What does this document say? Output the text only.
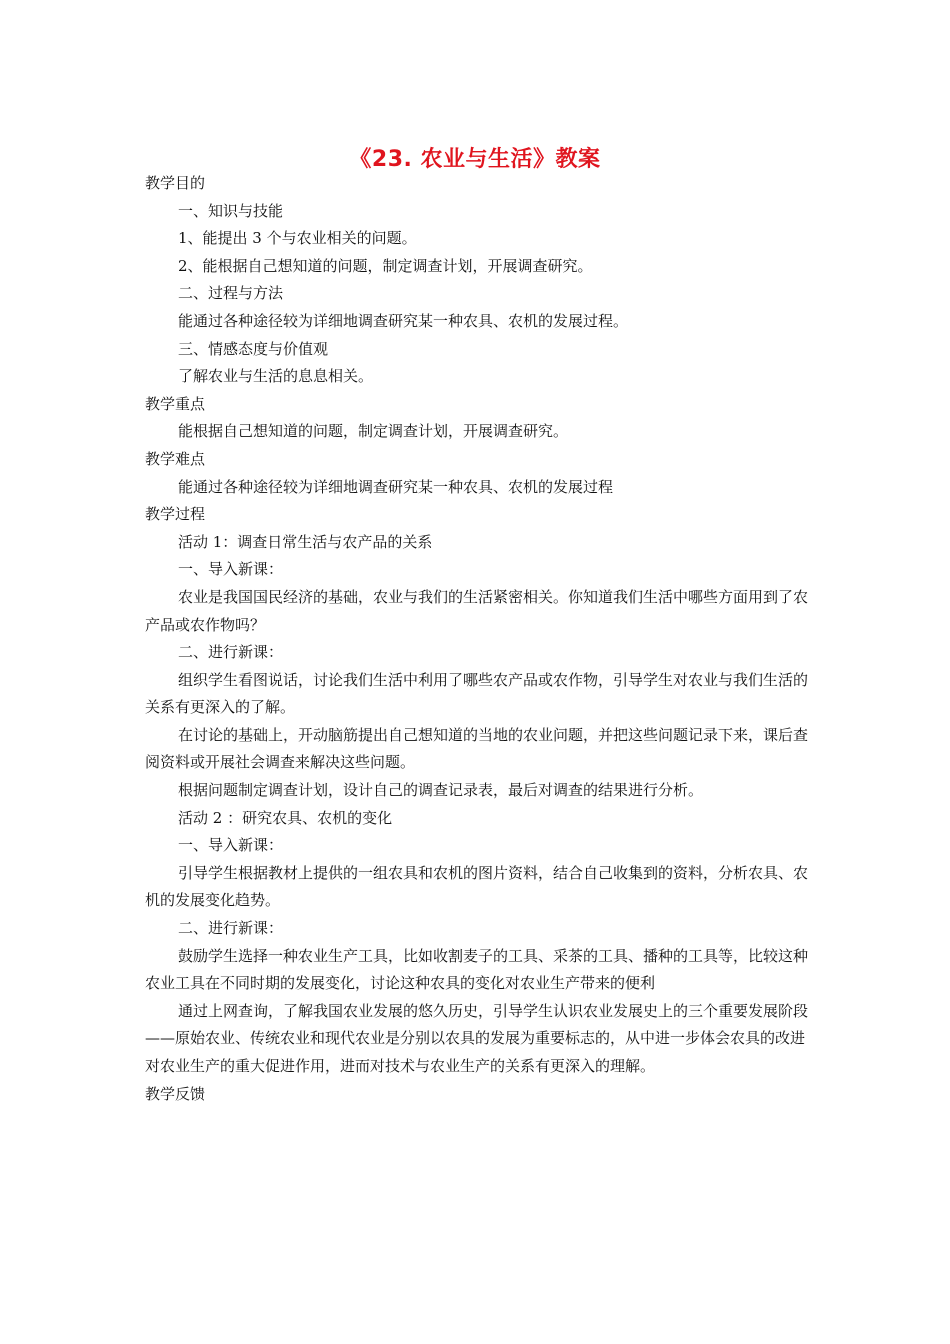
《23. 农业与生活》教案

教学目的

一、知识与技能

1、能提出 3 个与农业相关的问题。

2、能根据自己想知道的问题，制定调查计划，开展调查研究。

二、过程与方法

能通过各种途径较为详细地调查研究某一种农具、农机的发展过程。

三、情感态度与价值观

了解农业与生活的息息相关。

教学重点

能根据自己想知道的问题，制定调查计划，开展调查研究。

教学难点

能通过各种途径较为详细地调查研究某一种农具、农机的发展过程

教学过程

活动 1：调查日常生活与农产品的关系

一、导入新课：

农业是我国国民经济的基础，农业与我们的生活紧密相关。你知道我们生活中哪些方面用到了农产品或农作物吗？

二、进行新课：

组织学生看图说话，讨论我们生活中利用了哪些农产品或农作物，引导学生对农业与我们生活的关系有更深入的了解。

在讨论的基础上，开动脑筋提出自己想知道的当地的农业问题，并把这些问题记录下来，课后查阅资料或开展社会调查来解决这些问题。

根据问题制定调查计划，设计自己的调查记录表，最后对调查的结果进行分析。

活动 2 ：研究农具、农机的变化

一、导入新课：

引导学生根据教材上提供的一组农具和农机的图片资料，结合自己收集到的资料，分析农具、农机的发展变化趋势。

二、进行新课：

鼓励学生选择一种农业生产工具，比如收割麦子的工具、采茶的工具、播种的工具等，比较这种农业工具在不同时期的发展变化，讨论这种农具的变化对农业生产带来的便利

通过上网查询，了解我国农业发展的悠久历史，引导学生认识农业发展史上的三个重要发展阶段——原始农业、传统农业和现代农业是分别以农具的发展为重要标志的，从中进一步体会农具的改进对农业生产的重大促进作用，进而对技术与农业生产的关系有更深入的理解。

教学反馈
